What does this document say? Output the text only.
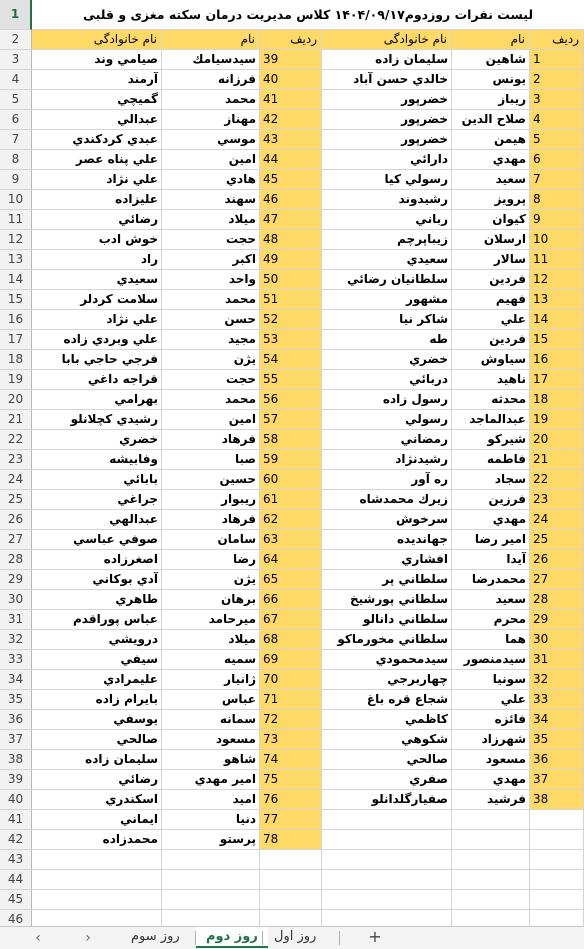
1	لیست نفرات روزدوم۱۴۰۴/۰۹/۱۷ کلاس مدیریت درمان سکته مغزی و قلبی
2	نام خانوادگی	نام	ردیف	نام خانوادگی	نام	ردیف
3	صيامي وند	سيدسيامك 39	سليمان زاده	شاهین 1
4	آرمند	فرزانه 40	خالدي حسن آباد	يونس 2
5	گميچي	محمد 41	خضرپور	ريباز 3
6	عبدالي	مهناز 42	خضرپور	صلاح الدين 4
7	عبدي كردكندي	موسي 43	خضرپور	هيمن 5
8	علي پناه عصر	امين 44	دارائي	مهدي 6
9	علي نژاد	هادي 45	رسولي كيا	سعيد 7
10	عليزاده	سهند 46	رشيدوند	پرويز 8
11	رضائي	ميلاد 47	رباني	كيوان 9
12	خوش ادب	حجت 48	زيباپرچم	ارسلان 10
13	راد	اكبر 49	سعيدي	سالار 11
14	سعيدي	واحد 50	سلطانيان رضائي	فردين 12
15	سلامت كردلر	محمد 51	مشهور	فهيم 13
16	علي نژاد	حسن 52	شاكر نيا	علي 14
17	علي وبردي زاده	مجيد 53	طه	فردين 15
18	فرجي حاجي بابا	يژن 54	خضري	سياوش 16
19	قراجه داغي	حجت 55	دربائي	ناهيد 17
20	بهرامي	محمد 56	رسول زاده	محدثه 18
21	رشيدي كچلانلو	امين 57	رسولي	عبدالماجد 19
22	خضري	فرهاد 58	رمضاني	شيركو 20
23	وفابيشه	صبا 59	رشيدنژاد	فاطمه 21
24	بابائي	حسين 60	ره آور	سجاد 22
25	جراغي	ريبوار 61	زيرك محمدشاه	فرزين 23
26	عبدالهي	فرهاد 62	سرخوش	مهدي 24
27	صوفي عباسي	سامان 63	جهانديده	امير رضا 25
28	اصغرزاده	رضا 64	افشاري	آيدا 26
29	آدي بوكاني	يژن 65	سلطاني پر	محمدرضا 27
30	طاهري	برهان 66	سلطاني پورشيخ	سعيد 28
31	عباس پوراقدم	ميرحامد 67	سلطاني دانالو	محرم 29
32	درويشي	ميلاد 68	سلطاني مخورماكو	هما 30
33	سيفي	سميه 69	سيدمحمودي	سيدمنصور 31
34	عليمرادي	ژانيار 70	چهاربرجي	سونيا 32
35	بايرام زاده	عباس 71	شجاع قره باغ	علي 33
36	يوسفي	سمانه 72	كاظمي	فائزه 34
37	صالحي	مسعود 73	شكوهي	شهرزاد 35
38	سليمان زاده	شاهو 74	صالحي	مسعود 36
39	رضائي	امير مهدي 75	صفري	مهدي 37
40	اسكندري	اميد 76	صفيارگلدانلو	فرشيد 38
41	ايماني	دنيا 77
42	محمدزاده	پرستو 78
43
44
45
46
‹	›	روز سوم	روز دوم	روز اول	+
